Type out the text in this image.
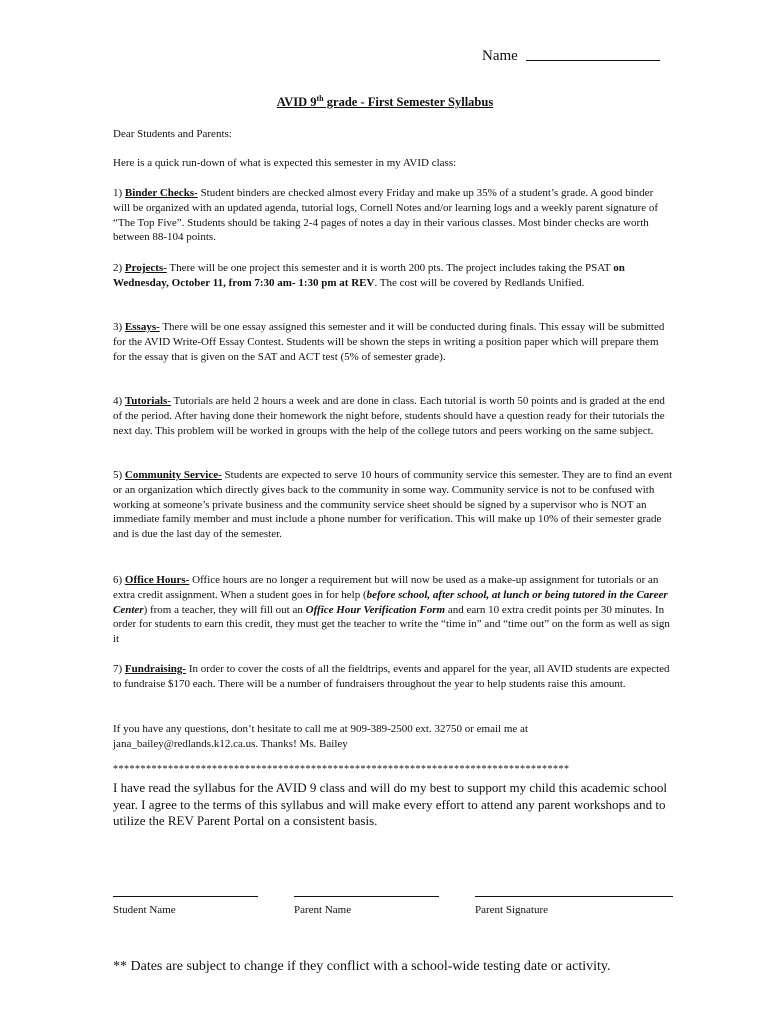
Name
AVID 9th grade - First Semester Syllabus
Dear Students and Parents:
Here is a quick run-down of what is expected this semester in my AVID class:

1) Binder Checks- Student binders are checked almost every Friday and make up 35% of a student’s grade. A good binder will be organized with an updated agenda, tutorial logs, Cornell Notes and/or learning logs and a weekly parent signature of “The Top Five”. Students should be taking 2-4 pages of notes a day in their various classes. Most binder checks are worth between 88-104 points.

2) Projects- There will be one project this semester and it is worth 200 pts. The project includes taking the PSAT on Wednesday, October 11, from 7:30 am- 1:30 pm at REV. The cost will be covered by Redlands Unified.

3) Essays- There will be one essay assigned this semester and it will be conducted during finals. This essay will be submitted for the AVID Write-Off Essay Contest. Students will be shown the steps in writing a position paper which will prepare them for the essay that is given on the SAT and ACT test (5% of semester grade).

4) Tutorials- Tutorials are held 2 hours a week and are done in class. Each tutorial is worth 50 points and is graded at the end of the period. After having done their homework the night before, students should have a question ready for their tutorials the next day. This problem will be worked in groups with the help of the college tutors and peers working on the same subject.

5) Community Service- Students are expected to serve 10 hours of community service this semester. They are to find an event or an organization which directly gives back to the community in some way. Community service is not to be confused with working at someone’s private business and the community service sheet should be signed by a supervisor who is NOT an immediate family member and must include a phone number for verification. This will make up 10% of their semester grade and is due the last day of the semester.

6) Office Hours- Office hours are no longer a requirement but will now be used as a make-up assignment for tutorials or an extra credit assignment. When a student goes in for help (before school, after school, at lunch or being tutored in the Career Center) from a teacher, they will fill out an Office Hour Verification Form and earn 10 extra credit points per 30 minutes. In order for students to earn this credit, they must get the teacher to write the “time in” and “time out” on the form as well as sign it

7) Fundraising- In order to cover the costs of all the fieldtrips, events and apparel for the year, all AVID students are expected to fundraise $170 each. There will be a number of fundraisers throughout the year to help students raise this amount.

If you have any questions, don’t hesitate to call me at 909-389-2500 ext. 32750 or email me at jana_bailey@redlands.k12.ca.us. Thanks! Ms. Bailey

***********************************************************************************

I have read the syllabus for the AVID 9 class and will do my best to support my child this academic school year. I agree to the terms of this syllabus and will make every effort to attend any parent workshops and to utilize the REV Parent Portal on a consistent basis.

Student Name	Parent Name	Parent Signature
** Dates are subject to change if they conflict with a school-wide testing date or activity.
